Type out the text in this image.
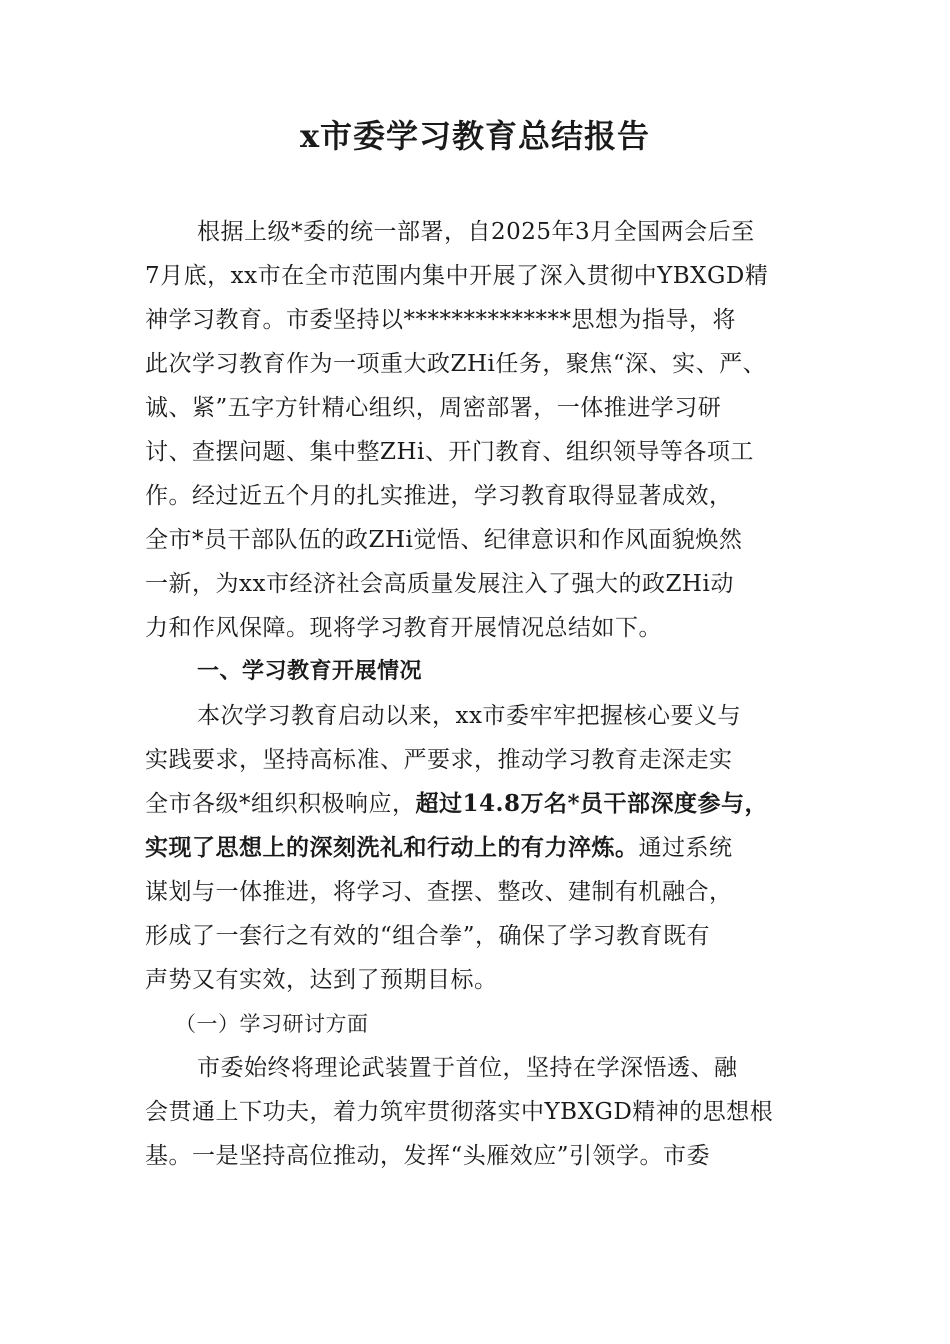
x市委学习教育总结报告
根据上级*委的统一部署，自2025年3月全国两会后至
7月底，xx市在全市范围内集中开展了深入贯彻中YBXGD精
神学习教育。市委坚持以**************思想为指导，将
此次学习教育作为一项重大政ZHi任务，聚焦“深、实、严、
诚、紧”五字方针精心组织，周密部署，一体推进学习研
讨、查摆问题、集中整ZHi、开门教育、组织领导等各项工
作。经过近五个月的扎实推进，学习教育取得显著成效，
全市*员干部队伍的政ZHi觉悟、纪律意识和作风面貌焕然
一新，为xx市经济社会高质量发展注入了强大的政ZHi动
力和作风保障。现将学习教育开展情况总结如下。
一、学习教育开展情况
本次学习教育启动以来，xx市委牢牢把握核心要义与
实践要求，坚持高标准、严要求，推动学习教育走深走实
全市各级*组织积极响应，超过14.8万名*员干部深度参与，
实现了思想上的深刻洗礼和行动上的有力淬炼。通过系统
谋划与一体推进，将学习、查摆、整改、建制有机融合，
形成了一套行之有效的“组合拳”，确保了学习教育既有
声势又有实效，达到了预期目标。
（一）学习研讨方面
市委始终将理论武装置于首位，坚持在学深悟透、融
会贯通上下功夫，着力筑牢贯彻落实中YBXGD精神的思想根
基。一是坚持高位推动，发挥“头雁效应”引领学。市委
